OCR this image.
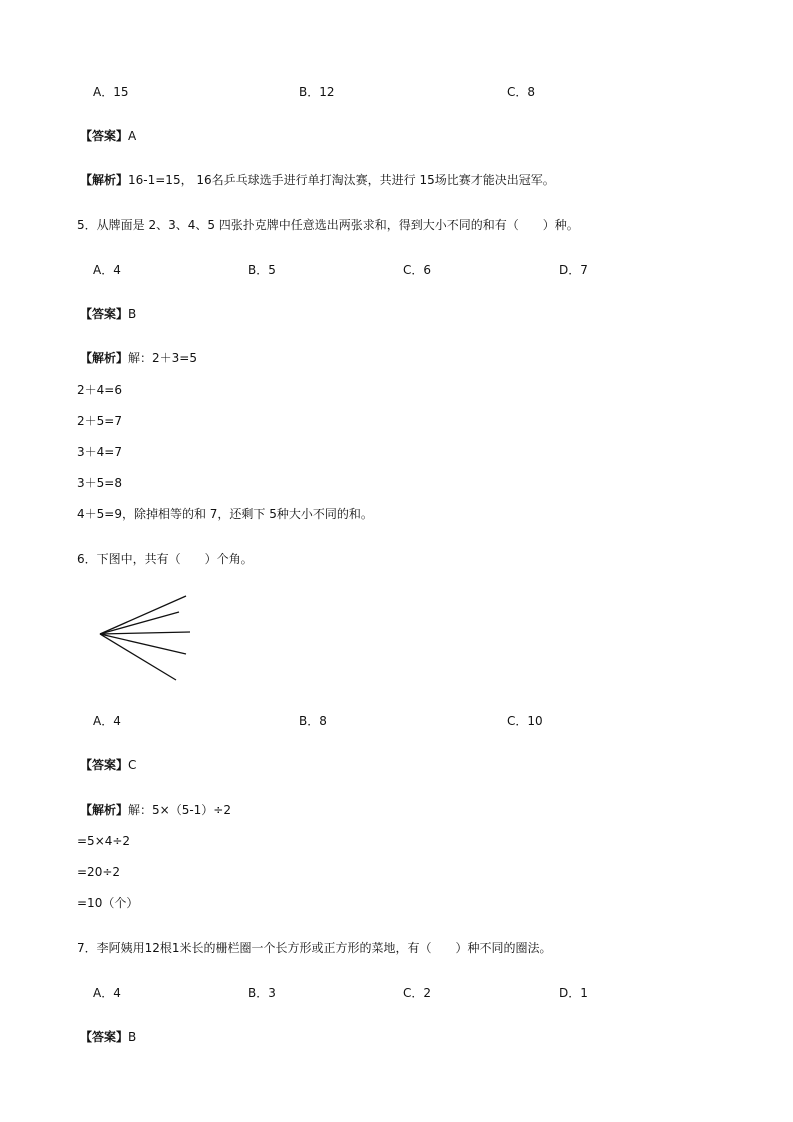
A．15	B．12	C．8
【答案】A
【解析】16-1=15， 16名乒乓球选手进行单打淘汰赛，共进行 15场比赛才能决出冠军。
5．从牌面是 2、3、4、5 四张扑克牌中任意选出两张求和，得到大小不同的和有（　　）种。
A．4	B．5	C．6	D．7
【答案】B
【解析】解：2＋3=5
2＋4=6
2＋5=7
3＋4=7
3＋5=8
4＋5=9，除掉相等的和 7，还剩下 5种大小不同的和。
6．下图中，共有（　　）个角。
A．4	B．8	C．10
【答案】C
【解析】解：5×（5-1）÷2
=5×4÷2
=20÷2
=10（个）
7．李阿姨用12根1米长的栅栏圈一个长方形或正方形的菜地，有（　　）种不同的圈法。
A．4	B．3	C．2	D．1
【答案】B
